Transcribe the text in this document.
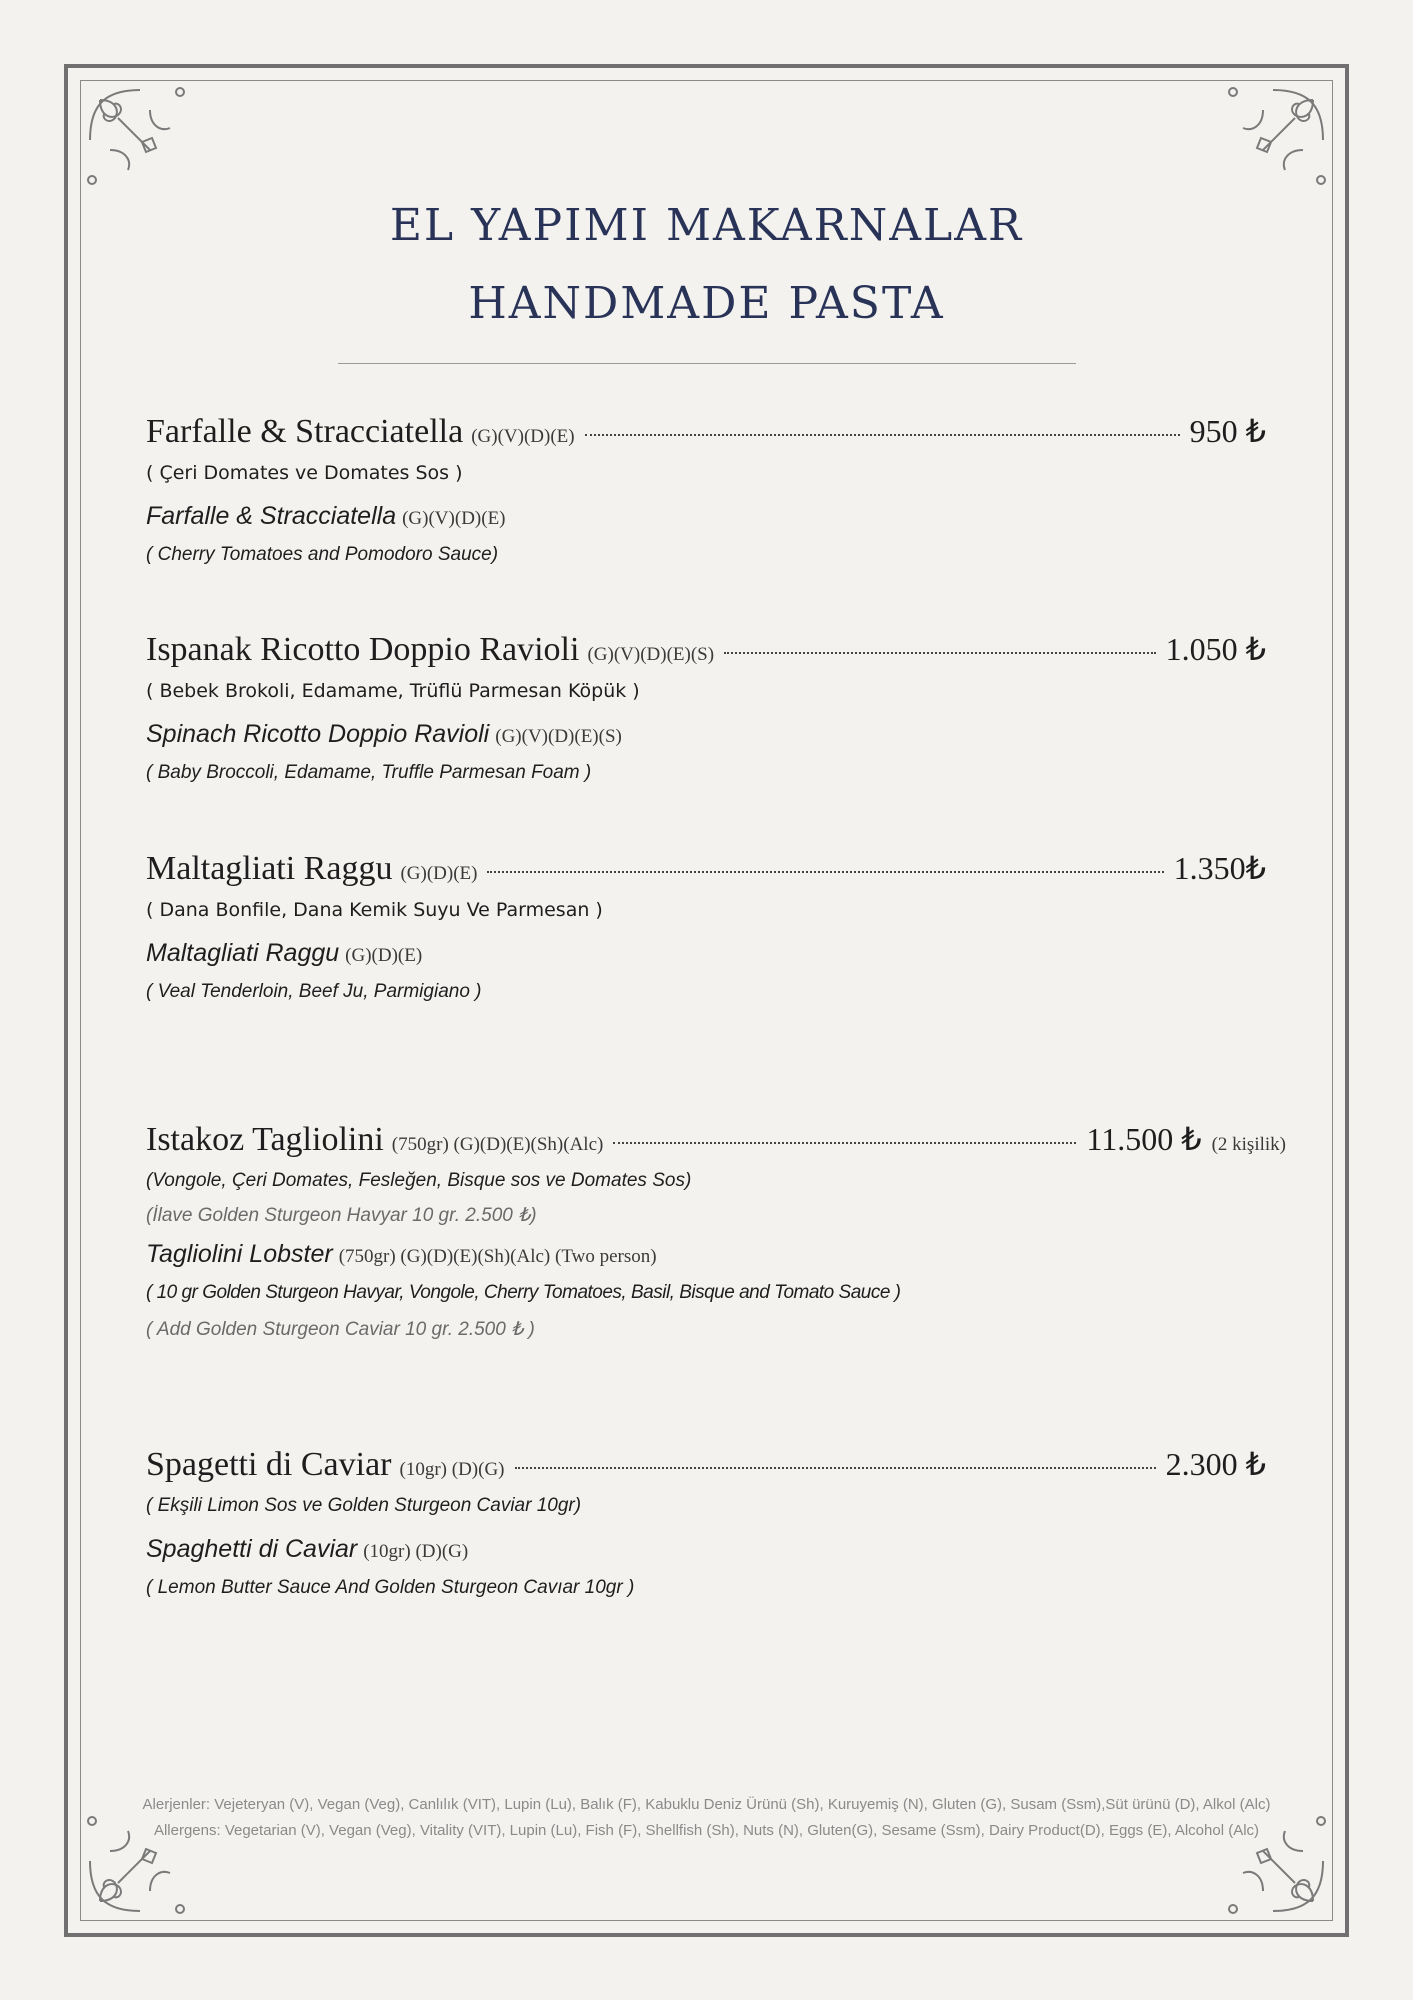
EL YAPIMI MAKARNALAR
HANDMADE PASTA
Farfalle & Stracciatella (G)(V)(D)(E)	950 ₺
( Çeri Domates ve Domates Sos )
Farfalle & Stracciatella (G)(V)(D)(E)
( Cherry Tomatoes and Pomodoro Sauce)
Ispanak Ricotto Doppio Ravioli (G)(V)(D)(E)(S)	1.050 ₺
( Bebek Brokoli, Edamame, Trüflü Parmesan Köpük )
Spinach Ricotto Doppio Ravioli (G)(V)(D)(E)(S)
( Baby Broccoli, Edamame, Truffle Parmesan Foam )
Maltagliati Raggu (G)(D)(E)	1.350₺
( Dana Bonfile, Dana Kemik Suyu Ve Parmesan )
Maltagliati Raggu (G)(D)(E)
( Veal Tenderloin, Beef Ju, Parmigiano )
Istakoz Tagliolini (750gr) (G)(D)(E)(Sh)(Alc)	11.500 ₺ (2 kişilik)
(Vongole, Çeri Domates, Fesleğen, Bisque sos ve Domates Sos)
(İlave Golden Sturgeon Havyar 10 gr. 2.500 ₺)
Tagliolini Lobster (750gr) (G)(D)(E)(Sh)(Alc) (Two person)
( 10 gr Golden Sturgeon Havyar, Vongole, Cherry Tomatoes, Basil, Bisque and Tomato Sauce )
( Add Golden Sturgeon Caviar 10 gr. 2.500 ₺ )
Spagetti di Caviar (10gr) (D)(G)	2.300 ₺
( Ekşili Limon Sos ve Golden Sturgeon Caviar 10gr)
Spaghetti di Caviar (10gr) (D)(G)
( Lemon Butter Sauce And Golden Sturgeon Cavıar 10gr )
Alerjenler: Vejeteryan (V), Vegan (Veg), Canlılık (VIT), Lupin (Lu), Balık (F), Kabuklu Deniz Ürünü (Sh), Kuruyemiş (N), Gluten (G), Susam (Ssm),Süt ürünü (D), Alkol (Alc)
Allergens: Vegetarian (V), Vegan (Veg), Vitality (VIT), Lupin (Lu), Fish (F), Shellfish (Sh), Nuts (N), Gluten(G), Sesame (Ssm), Dairy Product(D), Eggs (E), Alcohol (Alc)
